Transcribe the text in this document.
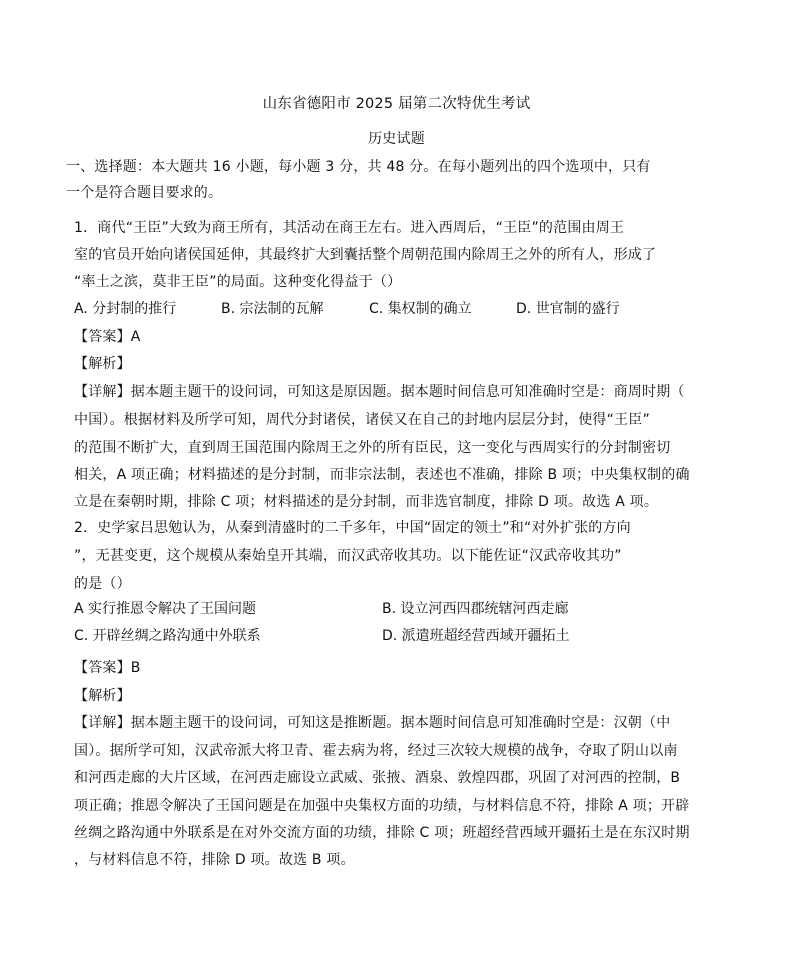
山东省德阳市 2025 届第二次特优生考试
历史试题
一、选择题：本大题共 16 小题，每小题 3 分，共 48 分。在每小题列出的四个选项中，只有
一个是符合题目要求的。
1．商代“王臣”大致为商王所有，其活动在商王左右。进入西周后，“王臣”的范围由周王
室的官员开始向诸侯国延伸，其最终扩大到囊括整个周朝范围内除周王之外的所有人，形成了
“率土之滨，莫非王臣”的局面。这种变化得益于（）
A. 分封制的推行	B. 宗法制的瓦解	C. 集权制的确立	D. 世官制的盛行
【答案】A
【解析】
【详解】据本题主题干的设问词，可知这是原因题。据本题时间信息可知准确时空是：商周时期（
中国）。根据材料及所学可知，周代分封诸侯，诸侯又在自己的封地内层层分封，使得“王臣”
的范围不断扩大，直到周王国范围内除周王之外的所有臣民，这一变化与西周实行的分封制密切
相关，A 项正确；材料描述的是分封制，而非宗法制，表述也不准确，排除 B 项；中央集权制的确
立是在秦朝时期，排除 C 项；材料描述的是分封制，而非选官制度，排除 D 项。故选 A 项。
2．史学家吕思勉认为，从秦到清盛时的二千多年，中国“固定的领土”和“对外扩张的方向
”，无甚变更，这个规模从秦始皇开其端，而汉武帝收其功。以下能佐证“汉武帝收其功”
的是（）
A 实行推恩令解决了王国问题	B. 设立河西四郡统辖河西走廊
C. 开辟丝绸之路沟通中外联系	D. 派遣班超经营西域开疆拓土
【答案】B
【解析】
【详解】据本题主题干的设问词，可知这是推断题。据本题时间信息可知准确时空是：汉朝（中
国）。据所学可知，汉武帝派大将卫青、霍去病为将，经过三次较大规模的战争，夺取了阴山以南
和河西走廊的大片区域，在河西走廊设立武威、张掖、酒泉、敦煌四郡，巩固了对河西的控制，B
项正确；推恩令解决了王国问题是在加强中央集权方面的功绩，与材料信息不符，排除 A 项；开辟
丝绸之路沟通中外联系是在对外交流方面的功绩，排除 C 项；班超经营西域开疆拓土是在东汉时期
，与材料信息不符，排除 D 项。故选 B 项。
